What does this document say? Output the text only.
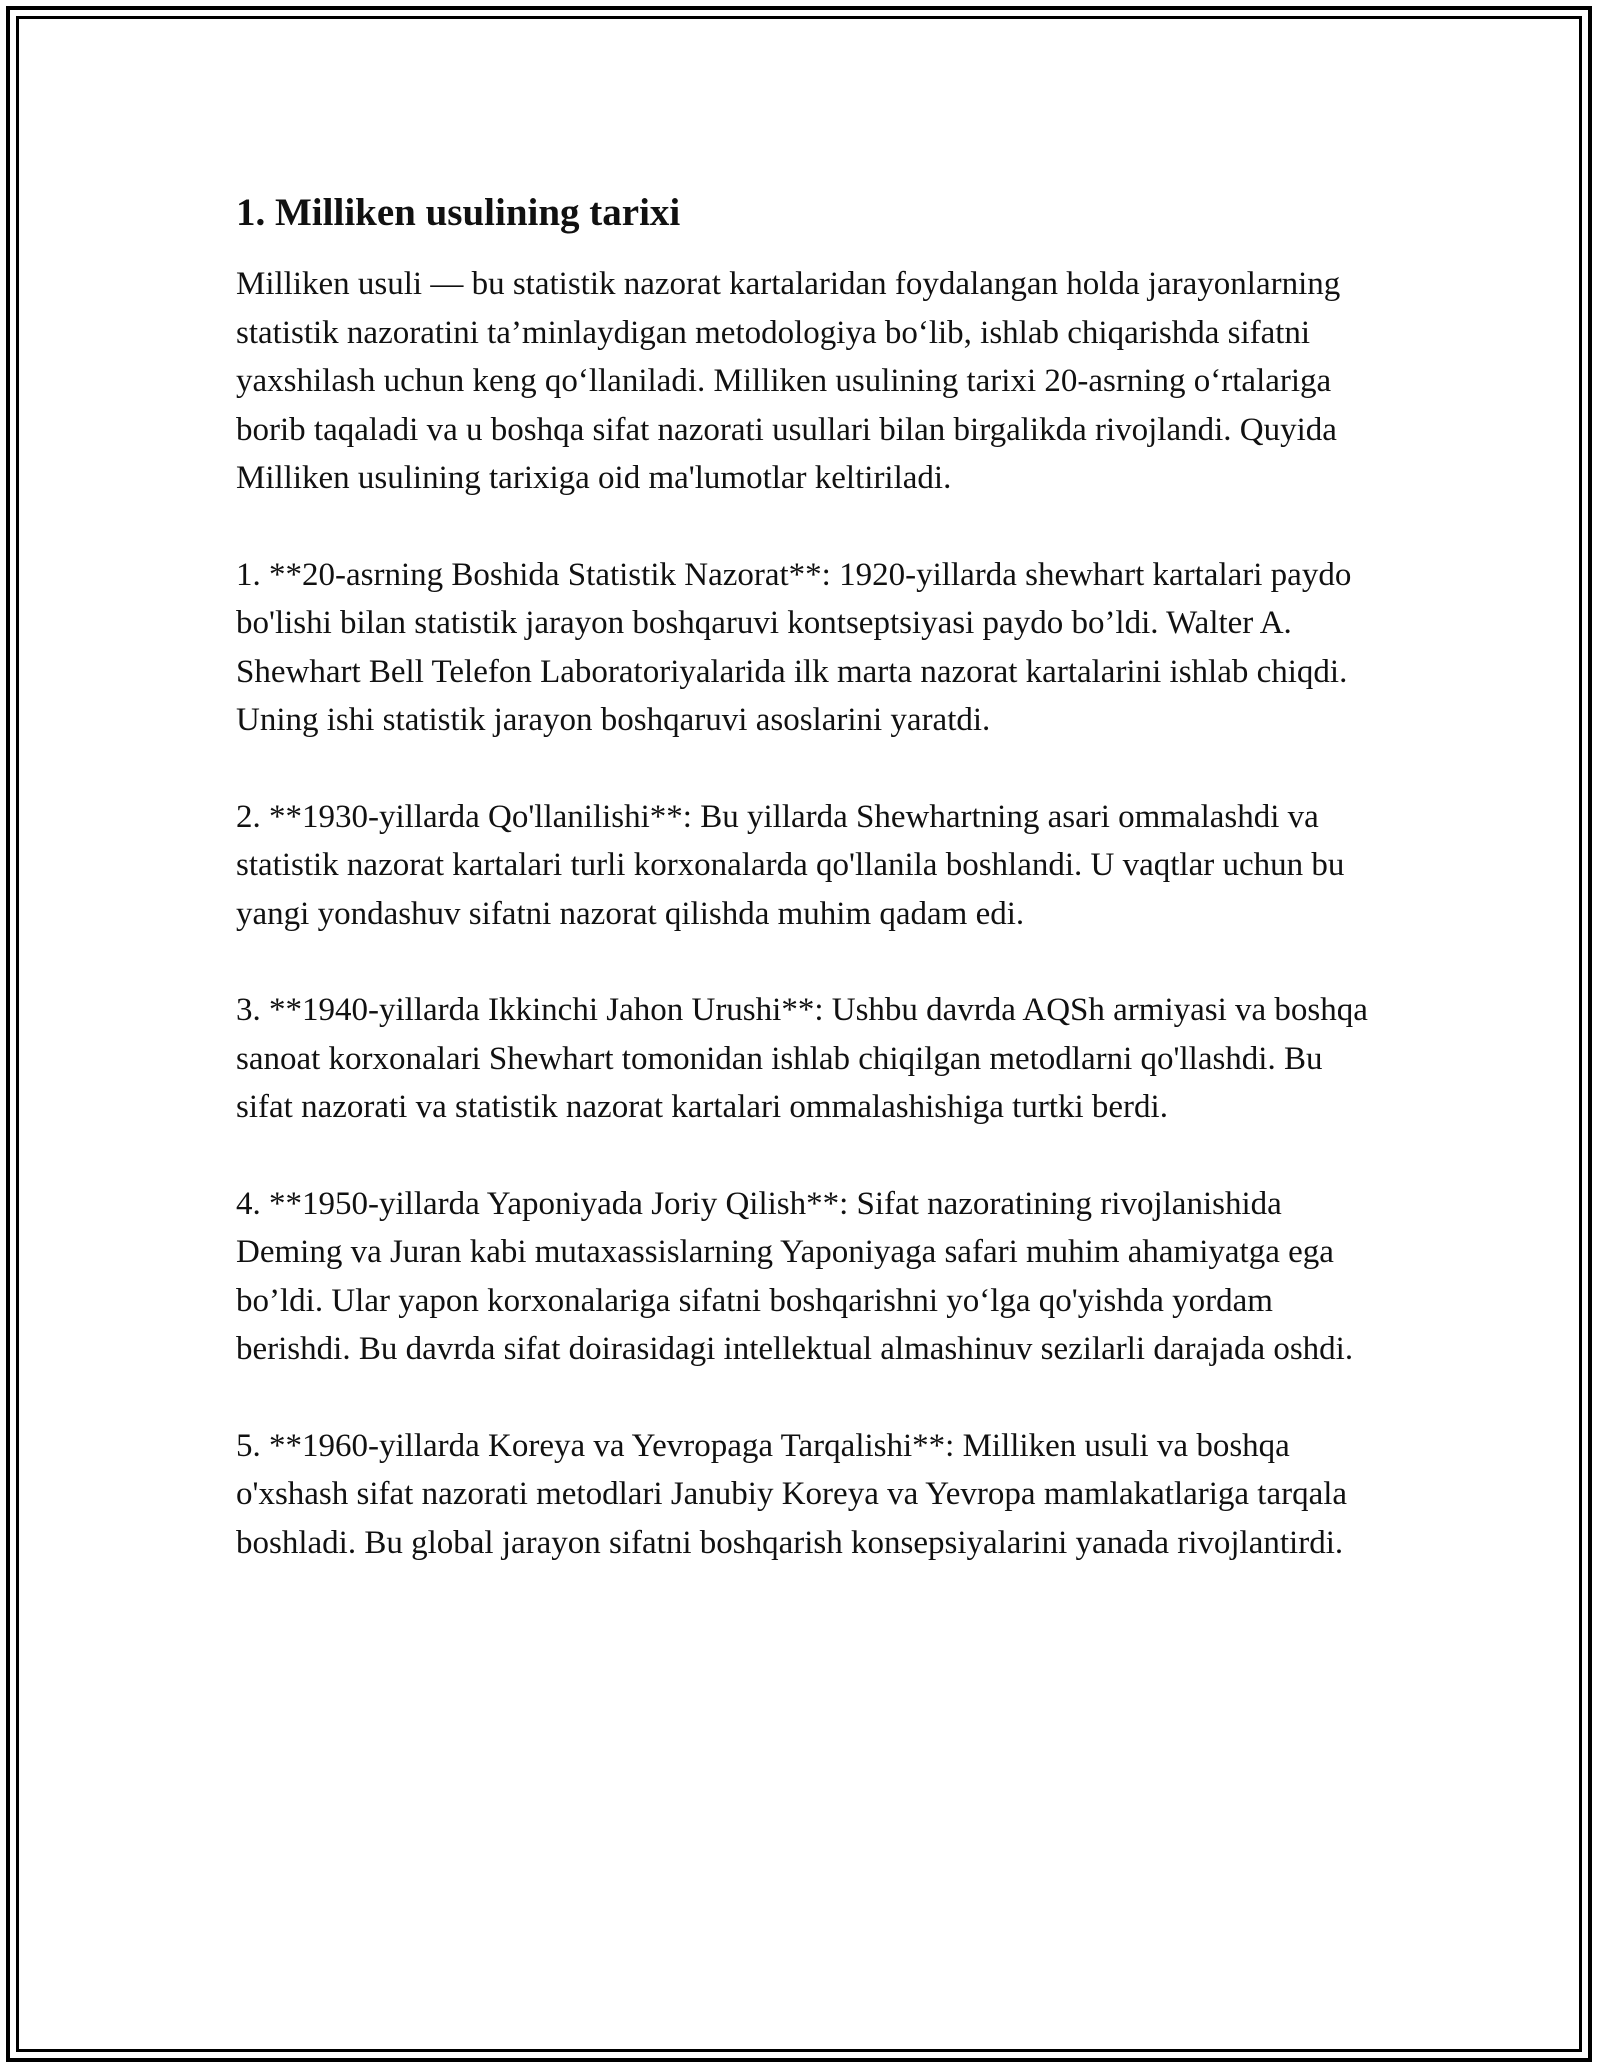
1. Milliken usulining tarixi

Milliken usuli — bu statistik nazorat kartalaridan foydalangan holda jarayonlarning statistik nazoratini ta’minlaydigan metodologiya bo‘lib, ishlab chiqarishda sifatni yaxshilash uchun keng qo‘llaniladi. Milliken usulining tarixi 20-asrning o‘rtalariga borib taqaladi va u boshqa sifat nazorati usullari bilan birgalikda rivojlandi. Quyida Milliken usulining tarixiga oid ma'lumotlar keltiriladi.

1. **20-asrning Boshida Statistik Nazorat**: 1920-yillarda shewhart kartalari paydo bo'lishi bilan statistik jarayon boshqaruvi kontseptsiyasi paydo bo’ldi. Walter A. Shewhart Bell Telefon Laboratoriyalarida ilk marta nazorat kartalarini ishlab chiqdi. Uning ishi statistik jarayon boshqaruvi asoslarini yaratdi.

2. **1930-yillarda Qo'llanilishi**: Bu yillarda Shewhartning asari ommalashdi va statistik nazorat kartalari turli korxonalarda qo'llanila boshlandi. U vaqtlar uchun bu yangi yondashuv sifatni nazorat qilishda muhim qadam edi.

3. **1940-yillarda Ikkinchi Jahon Urushi**: Ushbu davrda AQSh armiyasi va boshqa sanoat korxonalari Shewhart tomonidan ishlab chiqilgan metodlarni qo'llashdi. Bu sifat nazorati va statistik nazorat kartalari ommalashishiga turtki berdi.

4. **1950-yillarda Yaponiyada Joriy Qilish**: Sifat nazoratining rivojlanishida Deming va Juran kabi mutaxassislarning Yaponiyaga safari muhim ahamiyatga ega bo’ldi. Ular yapon korxonalariga sifatni boshqarishni yo‘lga qo'yishda yordam berishdi. Bu davrda sifat doirasidagi intellektual almashinuv sezilarli darajada oshdi.

5. **1960-yillarda Koreya va Yevropaga Tarqalishi**: Milliken usuli va boshqa o'xshash sifat nazorati metodlari Janubiy Koreya va Yevropa mamlakatlariga tarqala boshladi. Bu global jarayon sifatni boshqarish konsepsiyalarini yanada rivojlantirdi.
